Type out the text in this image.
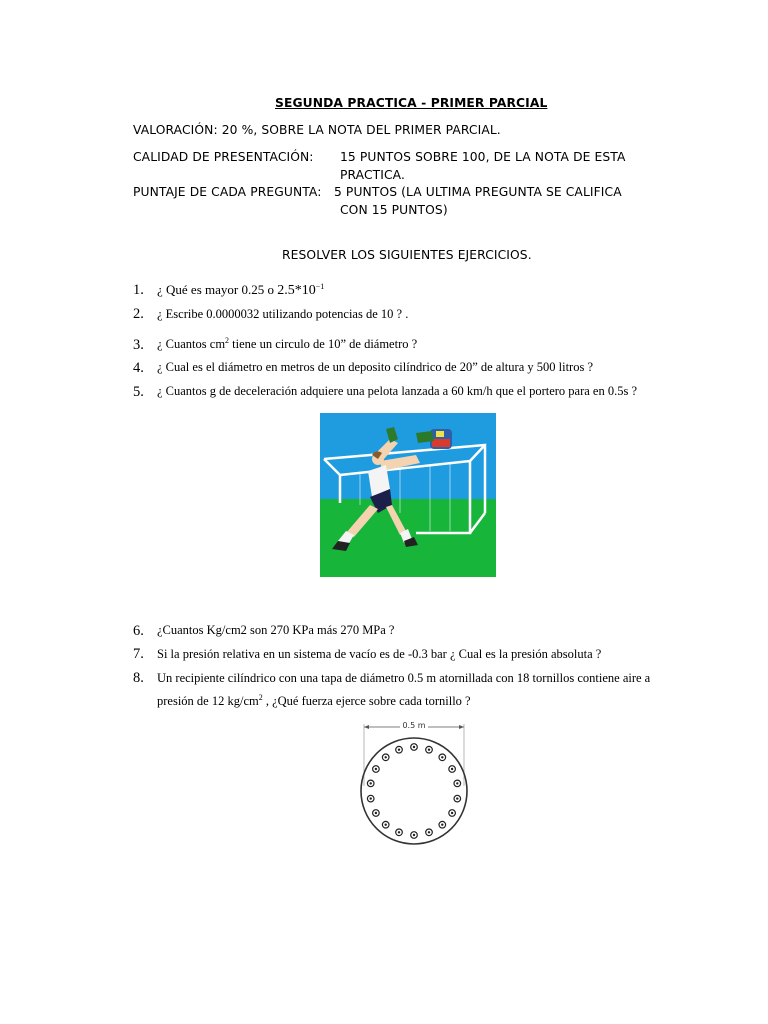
SEGUNDA PRACTICA - PRIMER PARCIAL
VALORACIÓN: 20 %, SOBRE LA NOTA DEL PRIMER PARCIAL.
CALIDAD DE PRESENTACIÓN: 15 PUNTOS SOBRE 100, DE LA NOTA DE ESTA
PRACTICA.
PUNTAJE DE CADA PREGUNTA: 5 PUNTOS (LA ULTIMA PREGUNTA SE CALIFICA
CON 15 PUNTOS)
RESOLVER LOS SIGUIENTES EJERCICIOS.
1. ¿ Qué es mayor 0.25 o $2.5*10^{-1}$
2. ¿ Escribe 0.0000032 utilizando potencias de 10 ? .
3. ¿ Cuantos $cm^2$ tiene un circulo de 10” de diámetro ?
4. ¿ Cual es el diámetro en metros de un deposito cilíndrico de 20” de altura y 500 litros ?
5. ¿ Cuantos g de deceleración adquiere una pelota lanzada a 60 km/h que el portero para en 0.5s ?
6. ¿Cuantos Kg/cm2 son 270 KPa más 270 MPa ?
7. Si la presión relativa en un sistema de vacío es de -0.3 bar ¿ Cual es la presión absoluta ?
8. Un recipiente cilíndrico con una tapa de diámetro 0.5 m atornillada con 18 tornillos contiene aire a
presión de 12 $kg/cm^2$ , ¿Qué fuerza ejerce sobre cada tornillo ?
0.5 m
